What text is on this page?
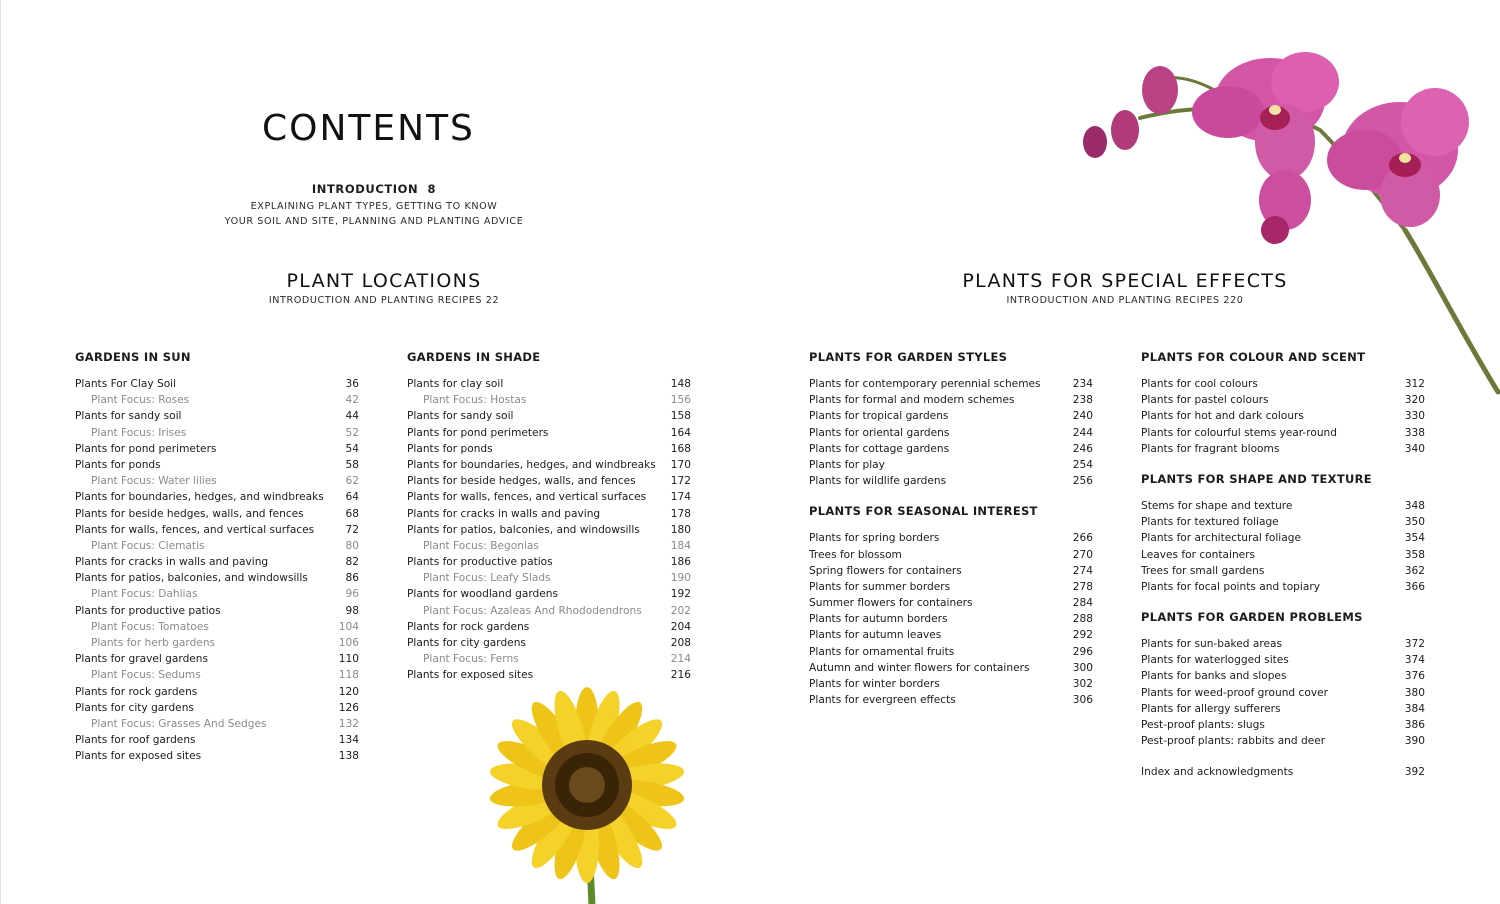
CONTENTS
INTRODUCTION 8
EXPLAINING PLANT TYPES, GETTING TO KNOW
YOUR SOIL AND SITE, PLANNING AND PLANTING ADVICE
PLANT LOCATIONS
INTRODUCTION AND PLANTING RECIPES 22
PLANTS FOR SPECIAL EFFECTS
INTRODUCTION AND PLANTING RECIPES 220
GARDENS IN SUN
Plants For Clay Soil	36
Plant Focus: Roses	42
Plants for sandy soil	44
Plant Focus: Irises	52
Plants for pond perimeters	54
Plants for ponds	58
Plant Focus: Water lilies	62
Plants for boundaries, hedges, and windbreaks	64
Plants for beside hedges, walls, and fences	68
Plants for walls, fences, and vertical surfaces	72
Plant Focus: Clematis	80
Plants for cracks in walls and paving	82
Plants for patios, balconies, and windowsills	86
Plant Focus: Dahlias	96
Plants for productive patios	98
Plant Focus: Tomatoes	104
Plants for herb gardens	106
Plants for gravel gardens	110
Plant Focus: Sedums	118
Plants for rock gardens	120
Plants for city gardens	126
Plant Focus: Grasses And Sedges	132
Plants for roof gardens	134
Plants for exposed sites	138
GARDENS IN SHADE
Plants for clay soil	148
Plant Focus: Hostas	156
Plants for sandy soil	158
Plants for pond perimeters	164
Plants for ponds	168
Plants for boundaries, hedges, and windbreaks	170
Plants for beside hedges, walls, and fences	172
Plants for walls, fences, and vertical surfaces	174
Plants for cracks in walls and paving	178
Plants for patios, balconies, and windowsills	180
Plant Focus: Begonias	184
Plants for productive patios	186
Plant Focus: Leafy Slads	190
Plants for woodland gardens	192
Plant Focus: Azaleas And Rhododendrons	202
Plants for rock gardens	204
Plants for city gardens	208
Plant Focus: Ferns	214
Plants for exposed sites	216
PLANTS FOR GARDEN STYLES
Plants for contemporary perennial schemes	234
Plants for formal and modern schemes	238
Plants for tropical gardens	240
Plants for oriental gardens	244
Plants for cottage gardens	246
Plants for play	254
Plants for wildlife gardens	256
PLANTS FOR SEASONAL INTEREST
Plants for spring borders	266
Trees for blossom	270
Spring flowers for containers	274
Plants for summer borders	278
Summer flowers for containers	284
Plants for autumn borders	288
Plants for autumn leaves	292
Plants for ornamental fruits	296
Autumn and winter flowers for containers	300
Plants for winter borders	302
Plants for evergreen effects	306
PLANTS FOR COLOUR AND SCENT
Plants for cool colours	312
Plants for pastel colours	320
Plants for hot and dark colours	330
Plants for colourful stems year-round	338
Plants for fragrant blooms	340
PLANTS FOR SHAPE AND TEXTURE
Stems for shape and texture	348
Plants for textured foliage	350
Plants for architectural foliage	354
Leaves for containers	358
Trees for small gardens	362
Plants for focal points and topiary	366
PLANTS FOR GARDEN PROBLEMS
Plants for sun-baked areas	372
Plants for waterlogged sites	374
Plants for banks and slopes	376
Plants for weed-proof ground cover	380
Plants for allergy sufferers	384
Pest-proof plants: slugs	386
Pest-proof plants: rabbits and deer	390
Index and acknowledgments	392
